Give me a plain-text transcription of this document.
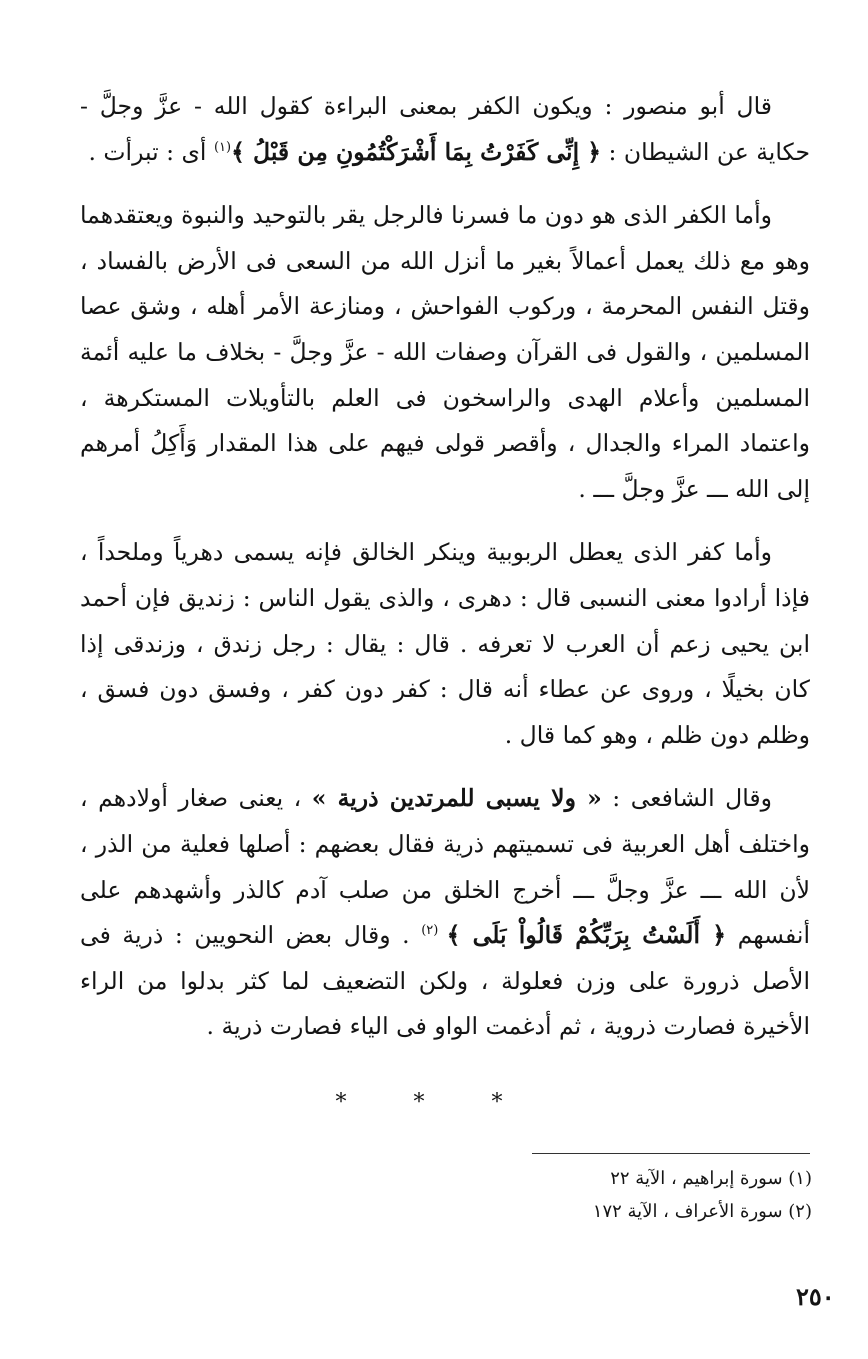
قال أبو منصور : ويكون الكفر بمعنى البراءة كقول الله - عزَّ وجلَّ - حكاية عن الشيطان : ﴿ إِنِّى كَفَرْتُ بِمَا أَشْرَكْتُمُونِ مِن قَبْلُ ﴾$^{(١)}$ أى : تبرأت .

وأما الكفر الذى هو دون ما فسرنا فالرجل يقر بالتوحيد والنبوة ويعتقدهما وهو مع ذلك يعمل أعمالاً بغير ما أنزل الله من السعى فى الأرض بالفساد ، وقتل النفس المحرمة ، وركوب الفواحش ، ومنازعة الأمر أهله ، وشق عصا المسلمين ، والقول فى القرآن وصفات الله - عزَّ وجلَّ - بخلاف ما عليه أئمة المسلمين وأعلام الهدى والراسخون فى العلم بالتأويلات المستكرهة ، واعتماد المراء والجدال ، وأقصر قولى فيهم على هذا المقدار وَأَكِلُ أمرهم إلى الله ـــ عزَّ وجلَّ ـــ .

وأما كفر الذى يعطل الربوبية وينكر الخالق فإنه يسمى دهرياً وملحداً ، فإذا أرادوا معنى النسبى قال : دهرى ، والذى يقول الناس : زنديق فإن أحمد ابن يحيى زعم أن العرب لا تعرفه . قال : يقال : رجل زندق ، وزندقى إذا كان بخيلًا ، وروى عن عطاء أنه قال : كفر دون كفر ، وفسق دون فسق ، وظلم دون ظلم ، وهو كما قال .

وقال الشافعى : « ولا يسبى للمرتدين ذرية » ، يعنى صغار أولادهم ، واختلف أهل العربية فى تسميتهم ذرية فقال بعضهم : أصلها فعلية من الذر ، لأن الله ـــ عزَّ وجلَّ ـــ أخرج الخلق من صلب آدم كالذر وأشهدهم على أنفسهم ﴿ أَلَسْتُ بِرَبِّكُمْ قَالُواْ بَلَى ﴾ $^{(٢)}$ . وقال بعض النحويين : ذرية فى الأصل ذرورة على وزن فعلولة ، ولكن التضعيف لما كثر بدلوا من الراء الأخيرة فصارت ذروية ، ثم أدغمت الواو فى الياء فصارت ذرية .

* * *
(١) سورة إبراهيم ، الآية ٢٢
(٢) سورة الأعراف ، الآية ١٧٢
٢٥٠
